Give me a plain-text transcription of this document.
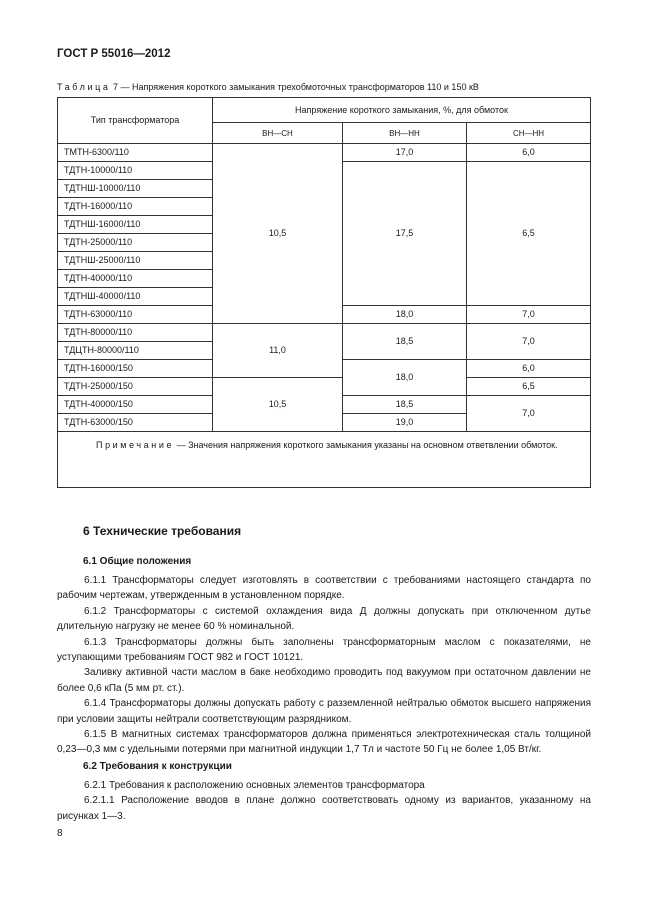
ГОСТ Р 55016—2012
Таблица 7 — Напряжения короткого замыкания трехобмоточных трансформаторов 110 и 150 кВ
Тип трансформатора	Напряжение короткого замыкания, %, для обмоток		
	ВН—СН	ВН—НН	СН—НН
ТМТН-6300/110	10,5	17,0	6,0
ТДТН-10000/110		17,5	6,5
ТДТНШ-10000/110			
ТДТН-16000/110			
ТДТНШ-16000/110			
ТДТН-25000/110			
ТДТНШ-25000/110			
ТДТН-40000/110			
ТДТНШ-40000/110			
ТДТН-63000/110		18,0	7,0
ТДТН-80000/110	11,0	18,5	7,0
ТДЦТН-80000/110			
ТДТН-16000/150		18,0	6,0
ТДТН-25000/150	10,5		6,5
ТДТН-40000/150		18,5	7,0
ТДТН-63000/150		19,0	
Примечание — Значения напряжения короткого замыкания указаны на основном ответвлении обмоток.			
6 Технические требования
6.1 Общие положения

6.1.1 Трансформаторы следует изготовлять в соответствии с требованиями настоящего стандарта по рабочим чертежам, утвержденным в установленном порядке.

6.1.2 Трансформаторы с системой охлаждения вида Д должны допускать при отключенном дутье длительную нагрузку не менее 60 % номинальной.

6.1.3 Трансформаторы должны быть заполнены трансформаторным маслом с показателями, не уступающими требованиям ГОСТ 982 и ГОСТ 10121.

Заливку активной части маслом в баке необходимо проводить под вакуумом при остаточном давлении не более 0,6 кПа (5 мм рт. ст.).

6.1.4 Трансформаторы должны допускать работу с разземленной нейтралью обмоток высшего напряжения при условии защиты нейтрали соответствующим разрядником.

6.1.5 В магнитных системах трансформаторов должна применяться электротехническая сталь толщиной 0,23—0,3 мм с удельными потерями при магнитной индукции 1,7 Тл и частоте 50 Гц не более 1,05 Вт/кг.

6.2 Требования к конструкции

6.2.1 Требования к расположению основных элементов трансформатора

6.2.1.1 Расположение вводов в плане должно соответствовать одному из вариантов, указанному на рисунках 1—3.

8
